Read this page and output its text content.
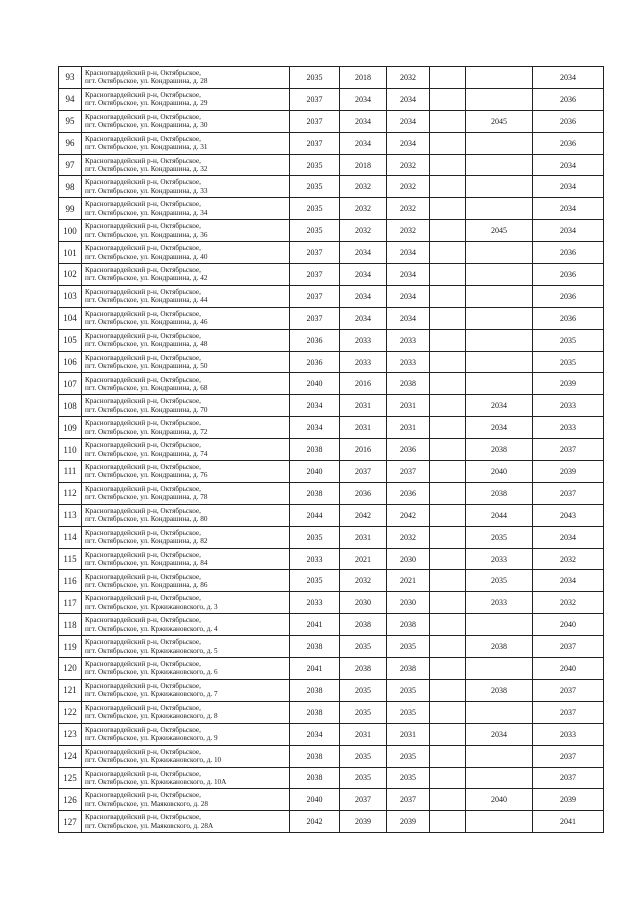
93	Красногвардейский р-н, Октябрьское,
пгт. Октябрьское, ул. Кондрашина, д. 28	2035	2018	2032			2034
94	Красногвардейский р-н, Октябрьское,
пгт. Октябрьское, ул. Кондрашина, д. 29	2037	2034	2034			2036
95	Красногвардейский р-н, Октябрьское,
пгт. Октябрьское, ул. Кондрашина, д. 30	2037	2034	2034		2045	2036
96	Красногвардейский р-н, Октябрьское,
пгт. Октябрьское, ул. Кондрашина, д. 31	2037	2034	2034			2036
97	Красногвардейский р-н, Октябрьское,
пгт. Октябрьское, ул. Кондрашина, д. 32	2035	2018	2032			2034
98	Красногвардейский р-н, Октябрьское,
пгт. Октябрьское, ул. Кондрашина, д. 33	2035	2032	2032			2034
99	Красногвардейский р-н, Октябрьское,
пгт. Октябрьское, ул. Кондрашина, д. 34	2035	2032	2032			2034
100	Красногвардейский р-н, Октябрьское,
пгт. Октябрьское, ул. Кондрашина, д. 36	2035	2032	2032		2045	2034
101	Красногвардейский р-н, Октябрьское,
пгт. Октябрьское, ул. Кондрашина, д. 40	2037	2034	2034			2036
102	Красногвардейский р-н, Октябрьское,
пгт. Октябрьское, ул. Кондрашина, д. 42	2037	2034	2034			2036
103	Красногвардейский р-н, Октябрьское,
пгт. Октябрьское, ул. Кондрашина, д. 44	2037	2034	2034			2036
104	Красногвардейский р-н, Октябрьское,
пгт. Октябрьское, ул. Кондрашина, д. 46	2037	2034	2034			2036
105	Красногвардейский р-н, Октябрьское,
пгт. Октябрьское, ул. Кондрашина, д. 48	2036	2033	2033			2035
106	Красногвардейский р-н, Октябрьское,
пгт. Октябрьское, ул. Кондрашина, д. 50	2036	2033	2033			2035
107	Красногвардейский р-н, Октябрьское,
пгт. Октябрьское, ул. Кондрашина, д. 68	2040	2016	2038			2039
108	Красногвардейский р-н, Октябрьское,
пгт. Октябрьское, ул. Кондрашина, д. 70	2034	2031	2031		2034	2033
109	Красногвардейский р-н, Октябрьское,
пгт. Октябрьское, ул. Кондрашина, д. 72	2034	2031	2031		2034	2033
110	Красногвардейский р-н, Октябрьское,
пгт. Октябрьское, ул. Кондрашина, д. 74	2038	2016	2036		2038	2037
111	Красногвардейский р-н, Октябрьское,
пгт. Октябрьское, ул. Кондрашина, д. 76	2040	2037	2037		2040	2039
112	Красногвардейский р-н, Октябрьское,
пгт. Октябрьское, ул. Кондрашина, д. 78	2038	2036	2036		2038	2037
113	Красногвардейский р-н, Октябрьское,
пгт. Октябрьское, ул. Кондрашина, д. 80	2044	2042	2042		2044	2043
114	Красногвардейский р-н, Октябрьское,
пгт. Октябрьское, ул. Кондрашина, д. 82	2035	2031	2032		2035	2034
115	Красногвардейский р-н, Октябрьское,
пгт. Октябрьское, ул. Кондрашина, д. 84	2033	2021	2030		2033	2032
116	Красногвардейский р-н, Октябрьское,
пгт. Октябрьское, ул. Кондрашина, д. 86	2035	2032	2021		2035	2034
117	Красногвардейский р-н, Октябрьское,
пгт. Октябрьское, ул. Кржижановского, д. 3	2033	2030	2030		2033	2032
118	Красногвардейский р-н, Октябрьское,
пгт. Октябрьское, ул. Кржижановского, д. 4	2041	2038	2038			2040
119	Красногвардейский р-н, Октябрьское,
пгт. Октябрьское, ул. Кржижановского, д. 5	2038	2035	2035		2038	2037
120	Красногвардейский р-н, Октябрьское,
пгт. Октябрьское, ул. Кржижановского, д. 6	2041	2038	2038			2040
121	Красногвардейский р-н, Октябрьское,
пгт. Октябрьское, ул. Кржижановского, д. 7	2038	2035	2035		2038	2037
122	Красногвардейский р-н, Октябрьское,
пгт. Октябрьское, ул. Кржижановского, д. 8	2038	2035	2035			2037
123	Красногвардейский р-н, Октябрьское,
пгт. Октябрьское, ул. Кржижановского, д. 9	2034	2031	2031		2034	2033
124	Красногвардейский р-н, Октябрьское,
пгт. Октябрьское, ул. Кржижановского, д. 10	2038	2035	2035			2037
125	Красногвардейский р-н, Октябрьское,
пгт. Октябрьское, ул. Кржижановского, д. 10А	2038	2035	2035			2037
126	Красногвардейский р-н, Октябрьское,
пгт. Октябрьское, ул. Маяковского, д. 28	2040	2037	2037		2040	2039
127	Красногвардейский р-н, Октябрьское,
пгт. Октябрьское, ул. Маяковского, д. 28А	2042	2039	2039			2041
